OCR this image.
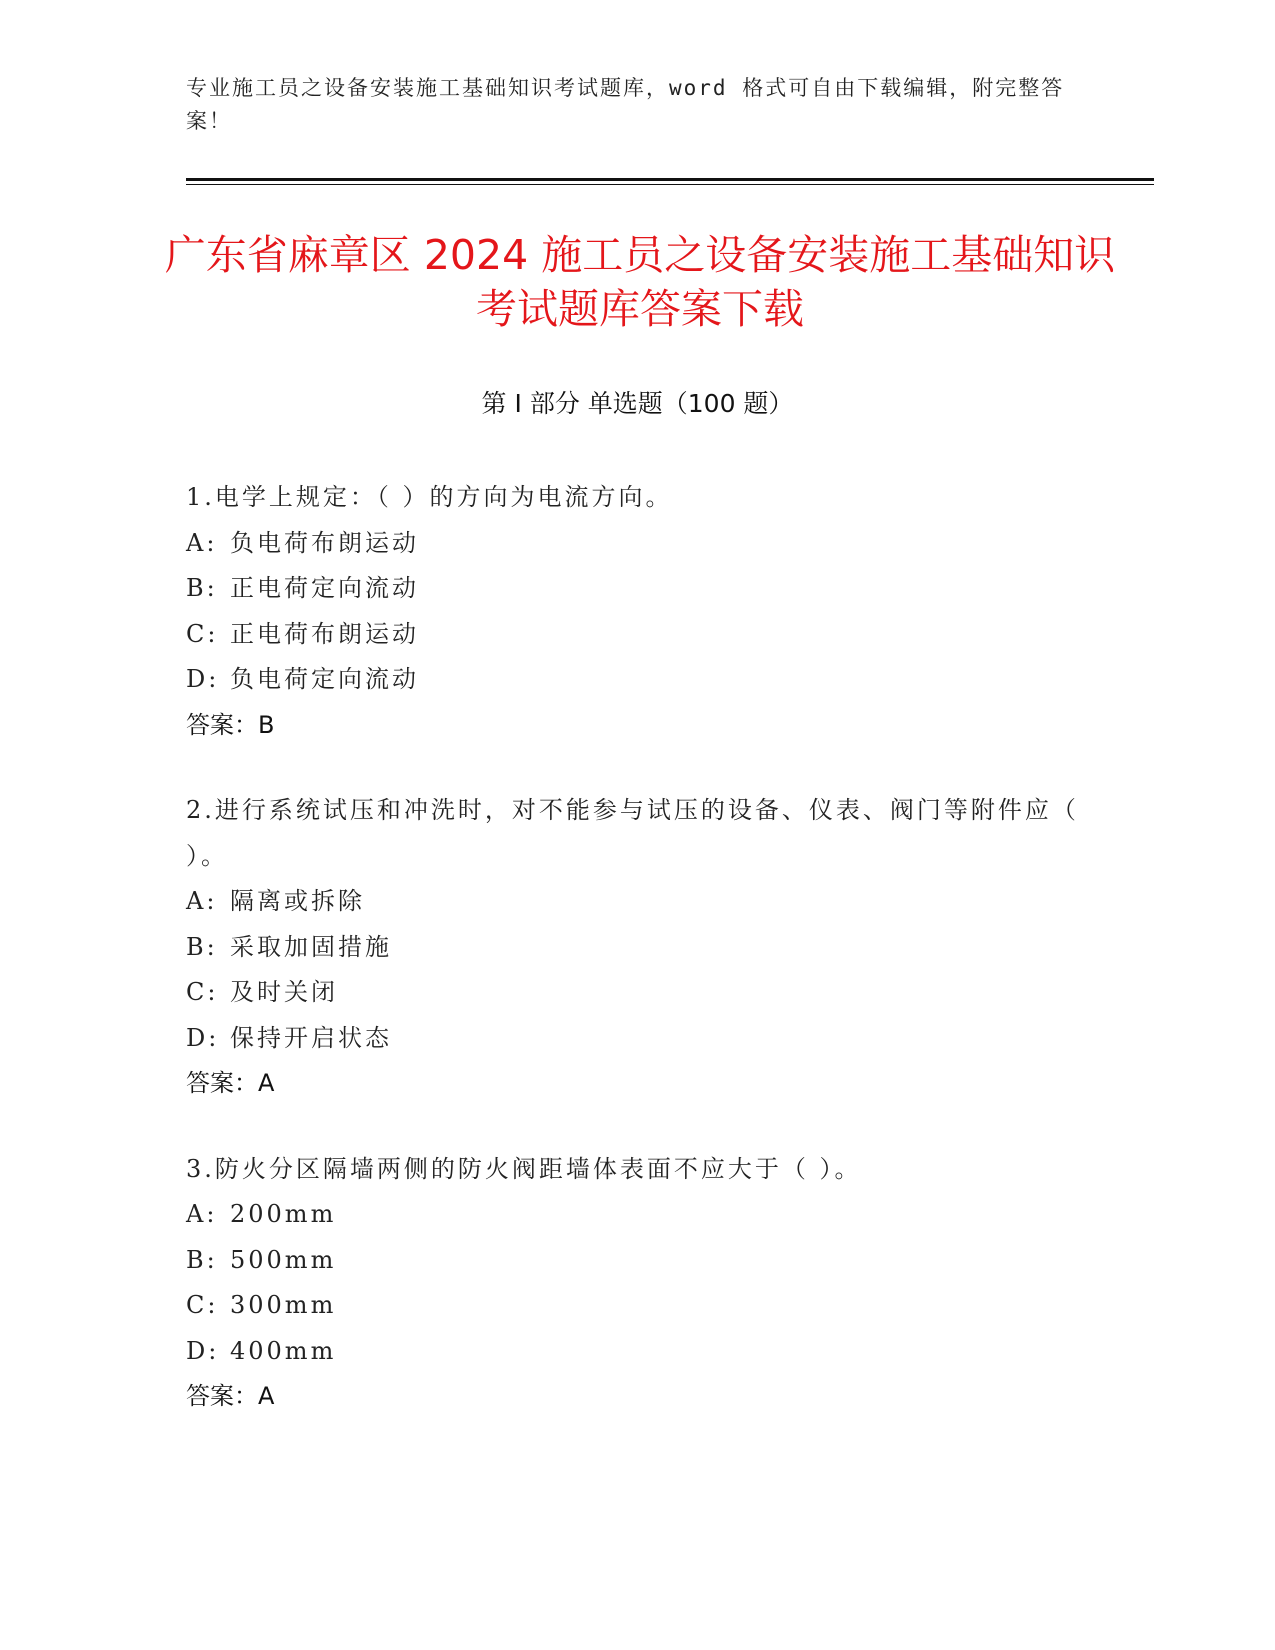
专业施工员之设备安装施工基础知识考试题库，word 格式可自由下载编辑，附完整答案！
广东省麻章区 2024 施工员之设备安装施工基础知识考试题库答案下载
第 I 部分 单选题（100 题）
1.电学上规定：（ ）的方向为电流方向。
A: 负电荷布朗运动
B: 正电荷定向流动
C: 正电荷布朗运动
D: 负电荷定向流动
答案：B
2.进行系统试压和冲洗时，对不能参与试压的设备、仪表、阀门等附件应（ ）。
A: 隔离或拆除
B: 采取加固措施
C: 及时关闭
D: 保持开启状态
答案：A
3.防火分区隔墙两侧的防火阀距墙体表面不应大于（ ）。
A: 200mm
B: 500mm
C: 300mm
D: 400mm
答案：A
